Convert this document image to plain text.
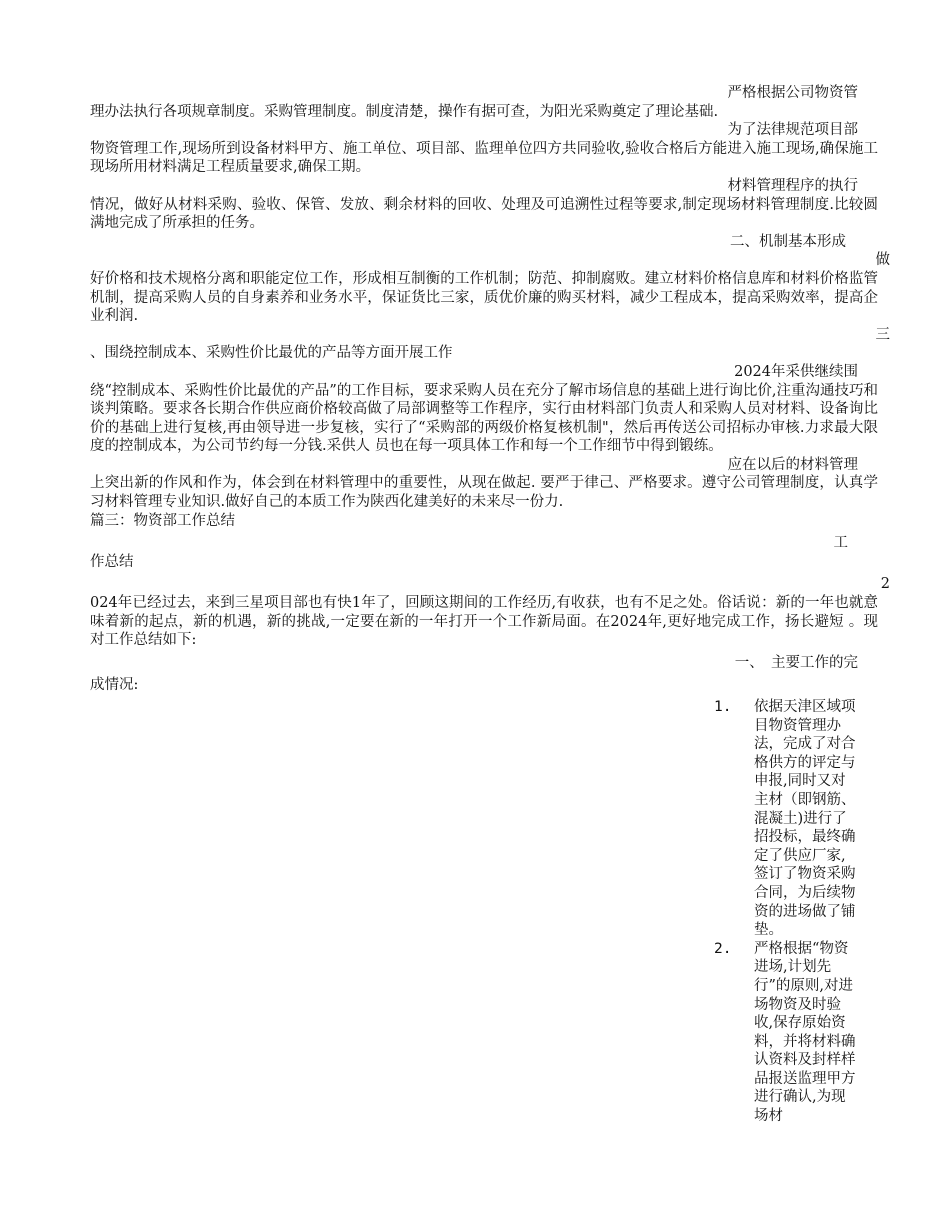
严格根据公司物资管

理办法执行各项规章制度。采购管理制度。制度清楚，操作有据可查，为阳光采购奠定了理论基础.

为了法律规范项目部

物资管理工作,现场所到设备材料甲方、施工单位、项目部、监理单位四方共同验收,验收合格后方能进入施工现场,确保施工现场所用材料满足工程质量要求,确保工期。

材料管理程序的执行

情况，做好从材料采购、验收、保管、发放、剩余材料的回收、处理及可追溯性过程等要求,制定现场材料管理制度.比较圆满地完成了所承担的任务。

二、机制基本形成

做

好价格和技术规格分离和职能定位工作，形成相互制衡的工作机制；防范、抑制腐败。建立材料价格信息库和材料价格监管机制，提高采购人员的自身素养和业务水平，保证货比三家，质优价廉的购买材料，减少工程成本，提高采购效率，提高企业利润.

三

、围绕控制成本、采购性价比最优的产品等方面开展工作

2024年采供继续围

绕“控制成本、采购性价比最优的产品”的工作目标，要求采购人员在充分了解市场信息的基础上进行询比价,注重沟通技巧和谈判策略。要求各长期合作供应商价格较高做了局部调整等工作程序，实行由材料部门负责人和采购人员对材料、设备询比价的基础上进行复核,再由领导进一步复核，实行了“采购部的两级价格复核机制"，然后再传送公司招标办审核.力求最大限度的控制成本，为公司节约每一分钱.采供人 员也在每一项具体工作和每一个工作细节中得到锻练。

应在以后的材料管理

上突出新的作风和作为，体会到在材料管理中的重要性，从现在做起. 要严于律己、严格要求。遵守公司管理制度，认真学习材料管理专业知识.做好自己的本质工作为陕西化建美好的未来尽一份力.

篇三：物资部工作总结

工

作总结

2

024年已经过去，来到三星项目部也有快1年了，回顾这期间的工作经历,有收获，也有不足之处。俗话说：新的一年也就意味着新的起点，新的机遇，新的挑战,一定要在新的一年打开一个工作新局面。在2024年,更好地完成工作，扬长避短 。现对工作总结如下:

一、　主要工作的完

成情况:

1.	依据天津区域项目物资管理办法，完成了对合格供方的评定与申报,同时又对主材（即钢筋、混凝土)进行了招投标，最终确定了供应厂家,签订了物资采购合同，为后续物资的进场做了铺垫。
2.	严格根据“物资进场,计划先行”的原则,对进场物资及时验收,保存原始资料，并将材料确认资料及封样样品报送监理甲方进行确认,为现场材
